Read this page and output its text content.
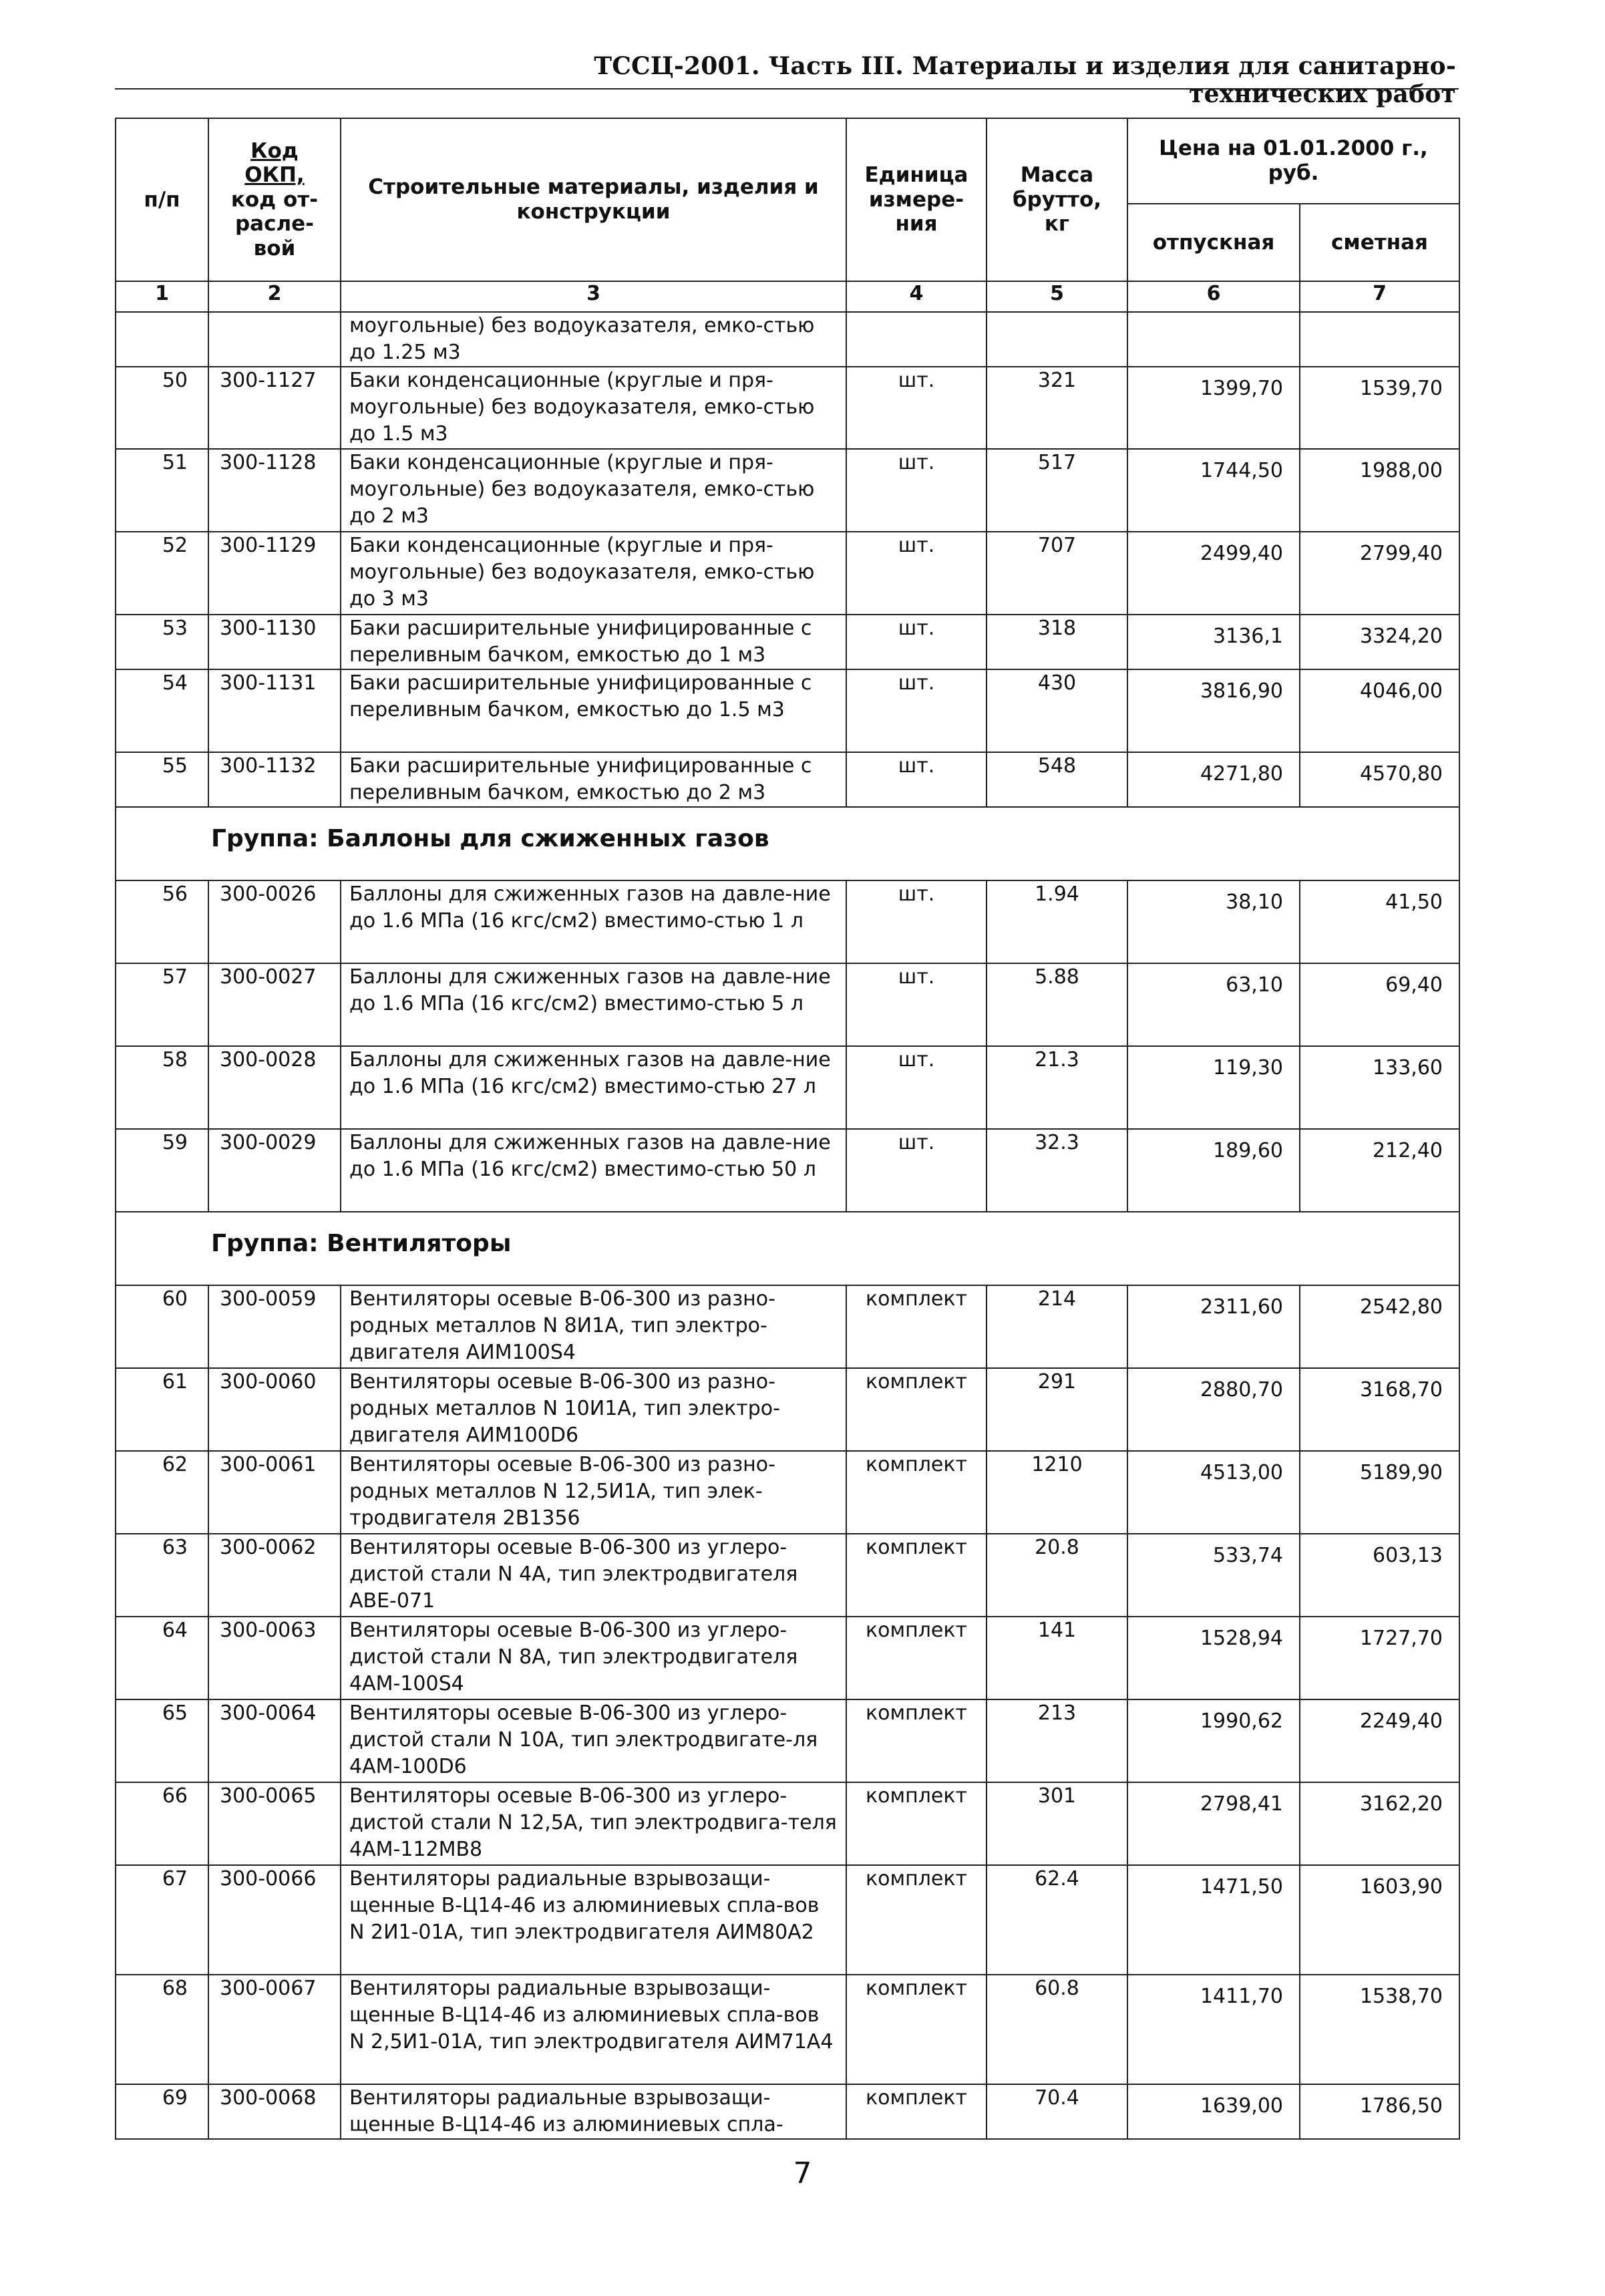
ТССЦ-2001. Часть III. Материалы и изделия для санитарно-технических работ
п/п	Код
ОКП,
код от-
расле-
вой	Строительные материалы, изделия и конструкции	Единица измере-ния	Масса брутто, кг	Цена на 01.01.2000 г., руб.	
					отпускная	сметная
1	2	3	4	5	6	7
		моугольные) без водоуказателя, емко-стью до 1.25 м3				
50	300-1127	Баки конденсационные (круглые и пря-моугольные) без водоуказателя, емко-стью до 1.5 м3	шт.	321	1399,70	1539,70
51	300-1128	Баки конденсационные (круглые и пря-моугольные) без водоуказателя, емко-стью до 2 м3	шт.	517	1744,50	1988,00
52	300-1129	Баки конденсационные (круглые и пря-моугольные) без водоуказателя, емко-стью до 3 м3	шт.	707	2499,40	2799,40
53	300-1130	Баки расширительные унифицированные с переливным бачком, емкостью до 1 м3	шт.	318	3136,1	3324,20
54	300-1131	Баки расширительные унифицированные с переливным бачком, емкостью до 1.5 м3	шт.	430	3816,90	4046,00
55	300-1132	Баки расширительные унифицированные с переливным бачком, емкостью до 2 м3	шт.	548	4271,80	4570,80
Группа: Баллоны для сжиженных газов						
56	300-0026	Баллоны для сжиженных газов на давле-ние до 1.6 МПа (16 кгс/см2) вместимо-стью 1 л	шт.	1.94	38,10	41,50
57	300-0027	Баллоны для сжиженных газов на давле-ние до 1.6 МПа (16 кгс/см2) вместимо-стью 5 л	шт.	5.88	63,10	69,40
58	300-0028	Баллоны для сжиженных газов на давле-ние до 1.6 МПа (16 кгс/см2) вместимо-стью 27 л	шт.	21.3	119,30	133,60
59	300-0029	Баллоны для сжиженных газов на давле-ние до 1.6 МПа (16 кгс/см2) вместимо-стью 50 л	шт.	32.3	189,60	212,40
Группа: Вентиляторы						
60	300-0059	Вентиляторы осевые В-06-300 из разно-родных металлов N 8И1А, тип электро-двигателя АИМ100S4	комплект	214	2311,60	2542,80
61	300-0060	Вентиляторы осевые В-06-300 из разно-родных металлов N 10И1А, тип электро-двигателя АИМ100D6	комплект	291	2880,70	3168,70
62	300-0061	Вентиляторы осевые В-06-300 из разно-родных металлов N 12,5И1А, тип элек-тродвигателя 2В1356	комплект	1210	4513,00	5189,90
63	300-0062	Вентиляторы осевые В-06-300 из углеро-дистой стали N 4А, тип электродвигателя АВЕ-071	комплект	20.8	533,74	603,13
64	300-0063	Вентиляторы осевые В-06-300 из углеро-дистой стали N 8А, тип электродвигателя 4АМ-100S4	комплект	141	1528,94	1727,70
65	300-0064	Вентиляторы осевые В-06-300 из углеро-дистой стали N 10А, тип электродвигате-ля 4АМ-100D6	комплект	213	1990,62	2249,40
66	300-0065	Вентиляторы осевые В-06-300 из углеро-дистой стали N 12,5А, тип электродвига-теля 4АМ-112МВ8	комплект	301	2798,41	3162,20
67	300-0066	Вентиляторы радиальные взрывозащи-щенные В-Ц14-46 из алюминиевых спла-вов N 2И1-01А, тип электродвигателя АИМ80А2	комплект	62.4	1471,50	1603,90
68	300-0067	Вентиляторы радиальные взрывозащи-щенные В-Ц14-46 из алюминиевых спла-вов N 2,5И1-01А, тип электродвигателя АИМ71А4	комплект	60.8	1411,70	1538,70
69	300-0068	Вентиляторы радиальные взрывозащи-щенные В-Ц14-46 из алюминиевых спла-	комплект	70.4	1639,00	1786,50
7
